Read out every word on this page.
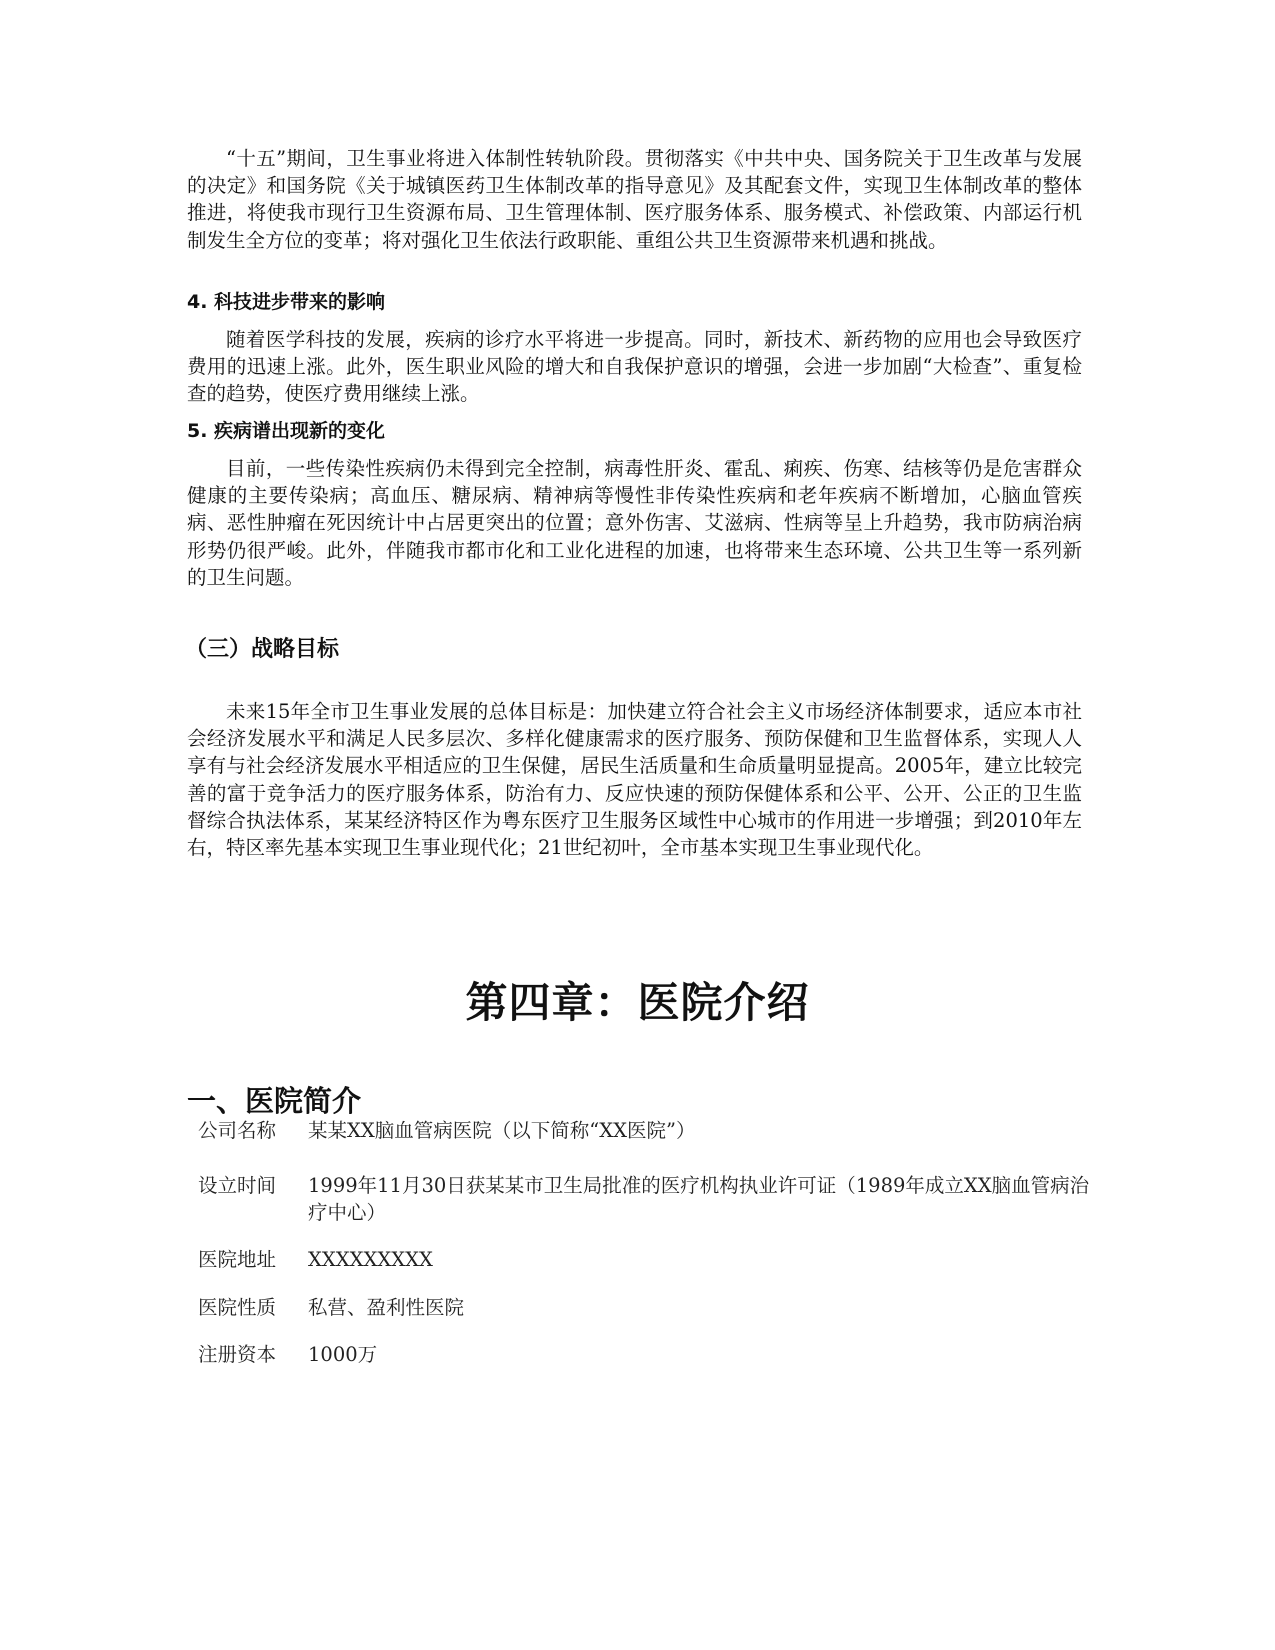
“十五”期间，卫生事业将进入体制性转轨阶段。贯彻落实《中共中央、国务院关于卫生改革与发展的决定》和国务院《关于城镇医药卫生体制改革的指导意见》及其配套文件，实现卫生体制改革的整体推进，将使我市现行卫生资源布局、卫生管理体制、医疗服务体系、服务模式、补偿政策、内部运行机制发生全方位的变革；将对强化卫生依法行政职能、重组公共卫生资源带来机遇和挑战。

4. 科技进步带来的影响

随着医学科技的发展，疾病的诊疗水平将进一步提高。同时，新技术、新药物的应用也会导致医疗费用的迅速上涨。此外，医生职业风险的增大和自我保护意识的增强，会进一步加剧“大检查”、重复检查的趋势，使医疗费用继续上涨。

5. 疾病谱出现新的变化

目前，一些传染性疾病仍未得到完全控制，病毒性肝炎、霍乱、痢疾、伤寒、结核等仍是危害群众健康的主要传染病；高血压、糖尿病、精神病等慢性非传染性疾病和老年疾病不断增加，心脑血管疾病、恶性肿瘤在死因统计中占居更突出的位置；意外伤害、艾滋病、性病等呈上升趋势，我市防病治病形势仍很严峻。此外，伴随我市都市化和工业化进程的加速，也将带来生态环境、公共卫生等一系列新的卫生问题。

（三）战略目标

未来15年全市卫生事业发展的总体目标是：加快建立符合社会主义市场经济体制要求，适应本市社会经济发展水平和满足人民多层次、多样化健康需求的医疗服务、预防保健和卫生监督体系，实现人人享有与社会经济发展水平相适应的卫生保健，居民生活质量和生命质量明显提高。2005年，建立比较完善的富于竞争活力的医疗服务体系，防治有力、反应快速的预防保健体系和公平、公开、公正的卫生监督综合执法体系，某某经济特区作为粤东医疗卫生服务区域性中心城市的作用进一步增强；到2010年左右，特区率先基本实现卫生事业现代化；21世纪初叶，全市基本实现卫生事业现代化。

第四章：医院介绍
一、医院简介
公司名称	某某XX脑血管病医院（以下简称“XX医院”）
设立时间	1999年11月30日获某某市卫生局批准的医疗机构执业许可证（1989年成立XX脑血管病治疗中心）
医院地址	XXXXXXXXX
医院性质	私营、盈利性医院
注册资本	1000万
